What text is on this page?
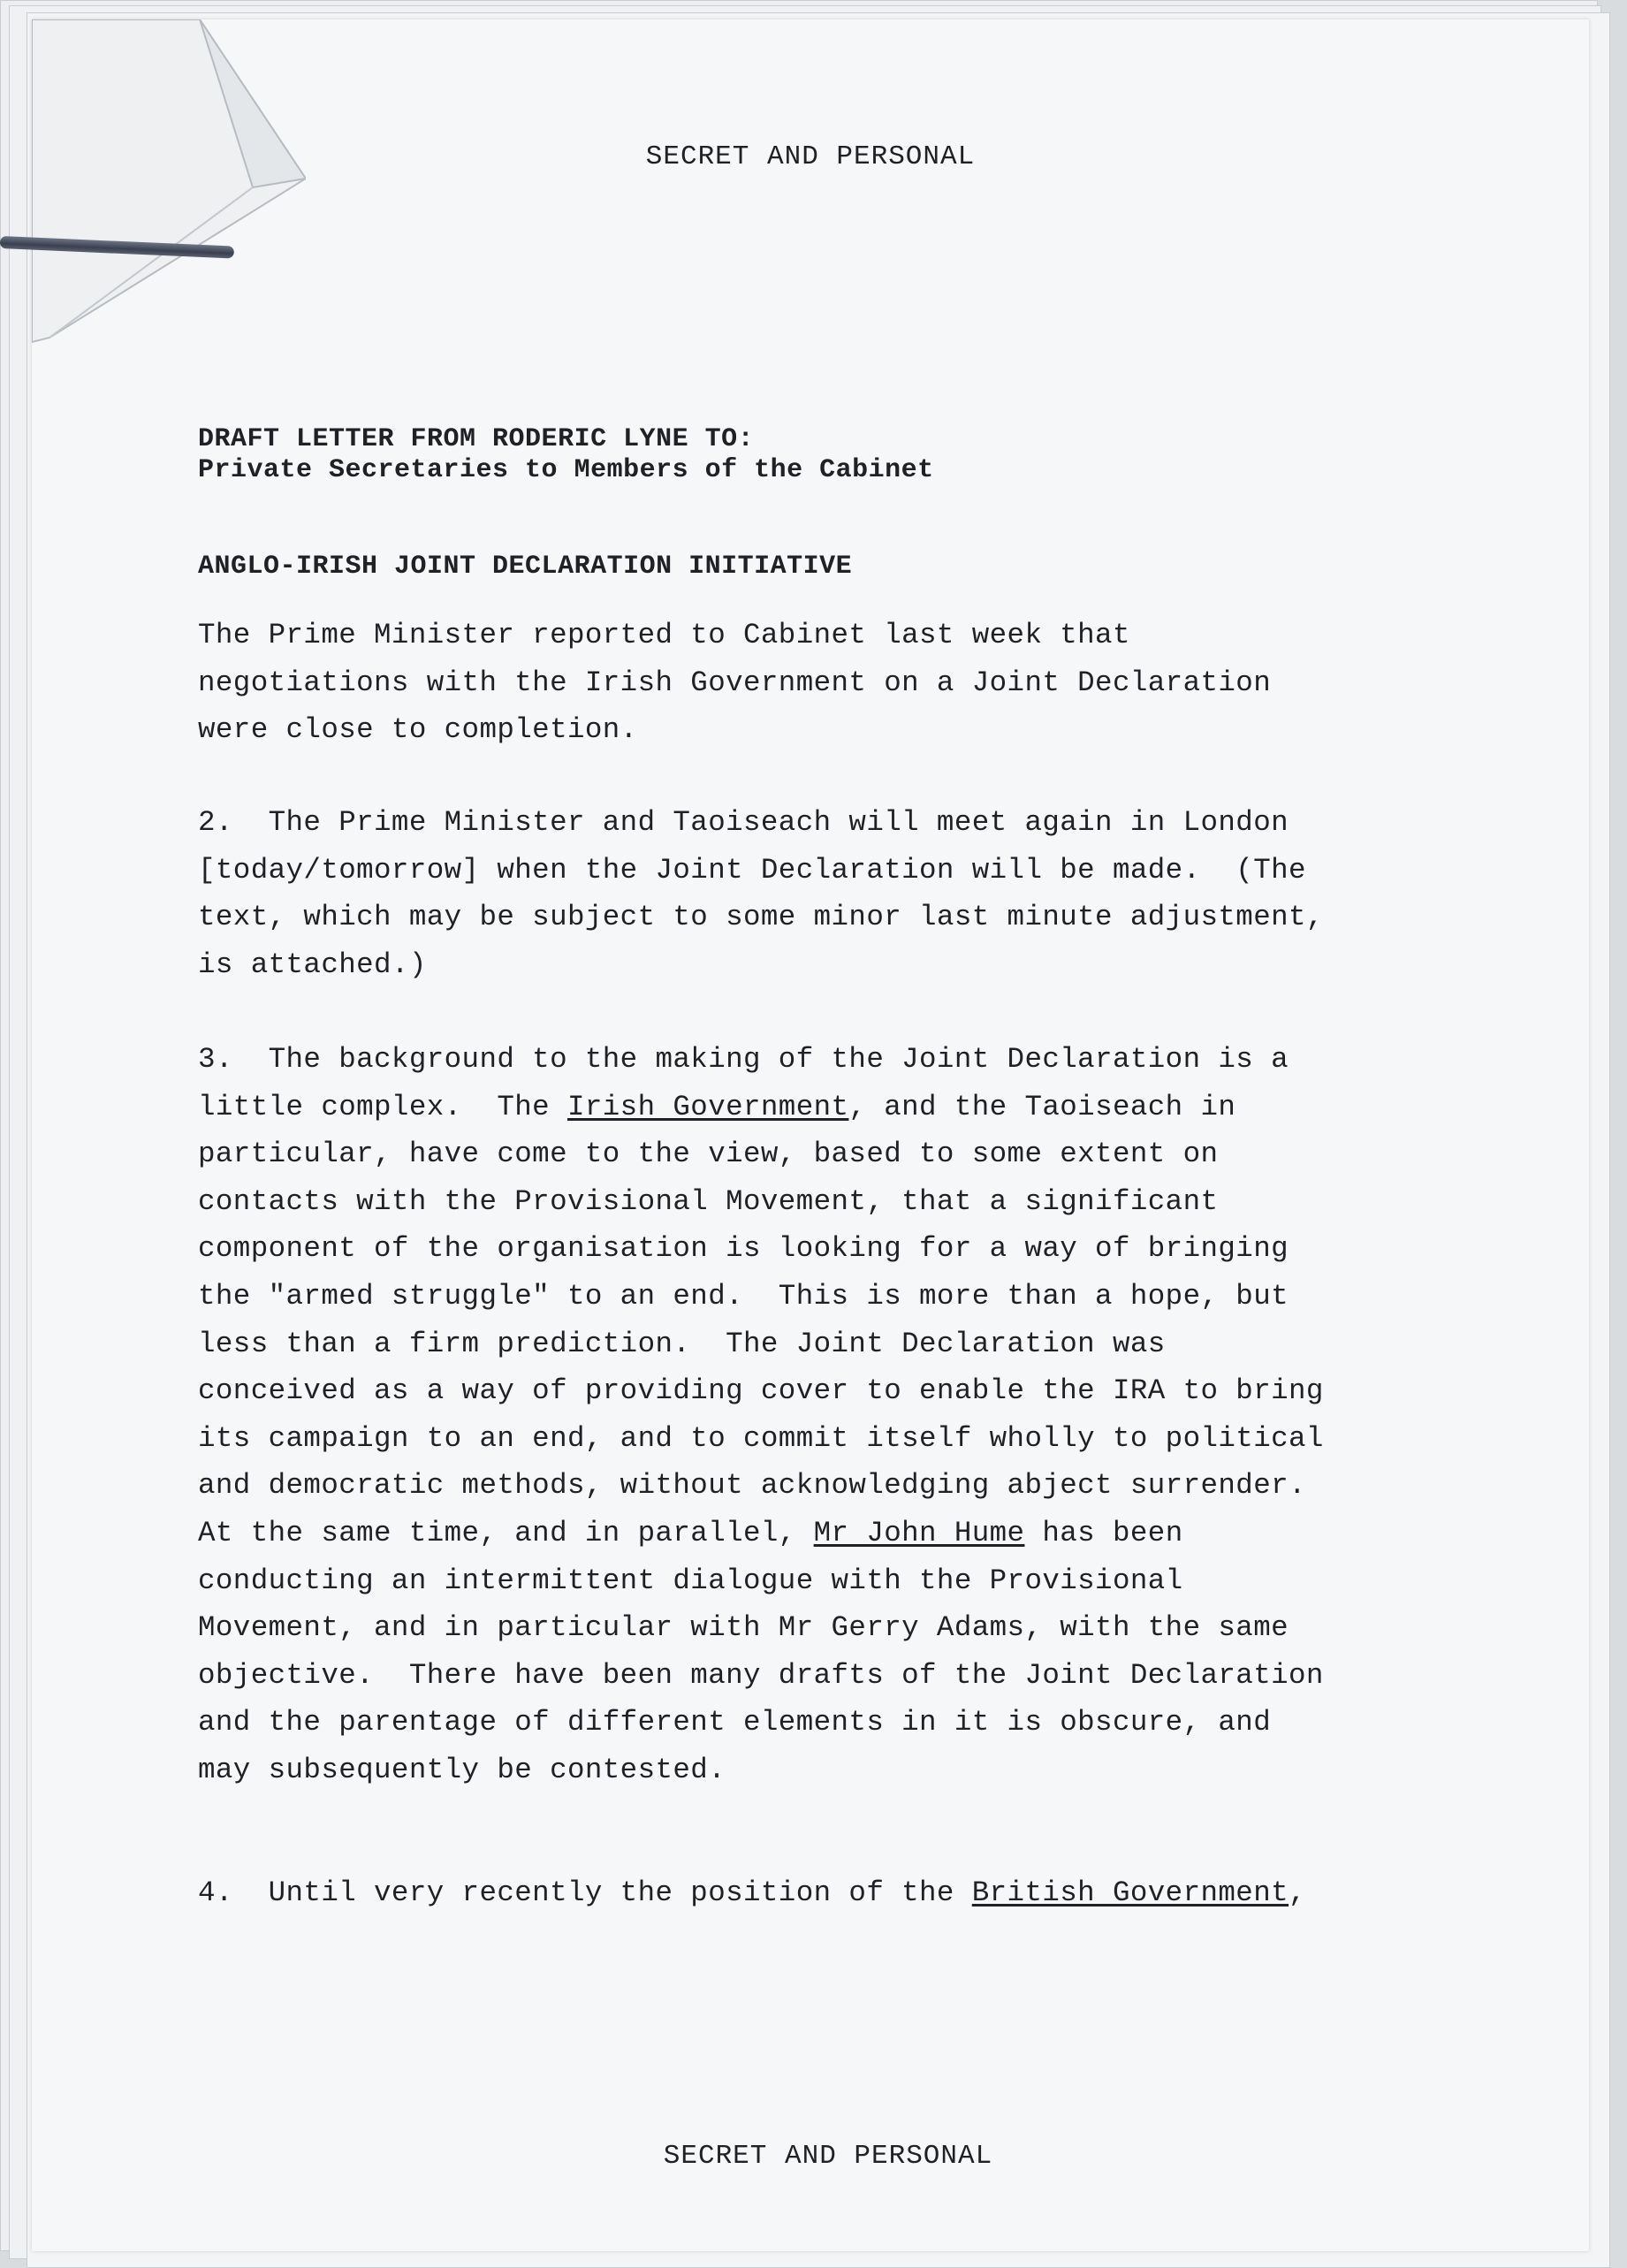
SECRET AND PERSONAL
DRAFT LETTER FROM RODERIC LYNE TO:
Private Secretaries to Members of the Cabinet
ANGLO-IRISH JOINT DECLARATION INITIATIVE
The Prime Minister reported to Cabinet last week that
negotiations with the Irish Government on a Joint Declaration
were close to completion.
2.  The Prime Minister and Taoiseach will meet again in London
[today/tomorrow] when the Joint Declaration will be made.  (The
text, which may be subject to some minor last minute adjustment,
is attached.)
3.  The background to the making of the Joint Declaration is a
little complex.  The Irish Government, and the Taoiseach in
particular, have come to the view, based to some extent on
contacts with the Provisional Movement, that a significant
component of the organisation is looking for a way of bringing
the "armed struggle" to an end.  This is more than a hope, but
less than a firm prediction.  The Joint Declaration was
conceived as a way of providing cover to enable the IRA to bring
its campaign to an end, and to commit itself wholly to political
and democratic methods, without acknowledging abject surrender.
At the same time, and in parallel, Mr John Hume has been
conducting an intermittent dialogue with the Provisional
Movement, and in particular with Mr Gerry Adams, with the same
objective.  There have been many drafts of the Joint Declaration
and the parentage of different elements in it is obscure, and
may subsequently be contested.
4.  Until very recently the position of the British Government,
SECRET AND PERSONAL
